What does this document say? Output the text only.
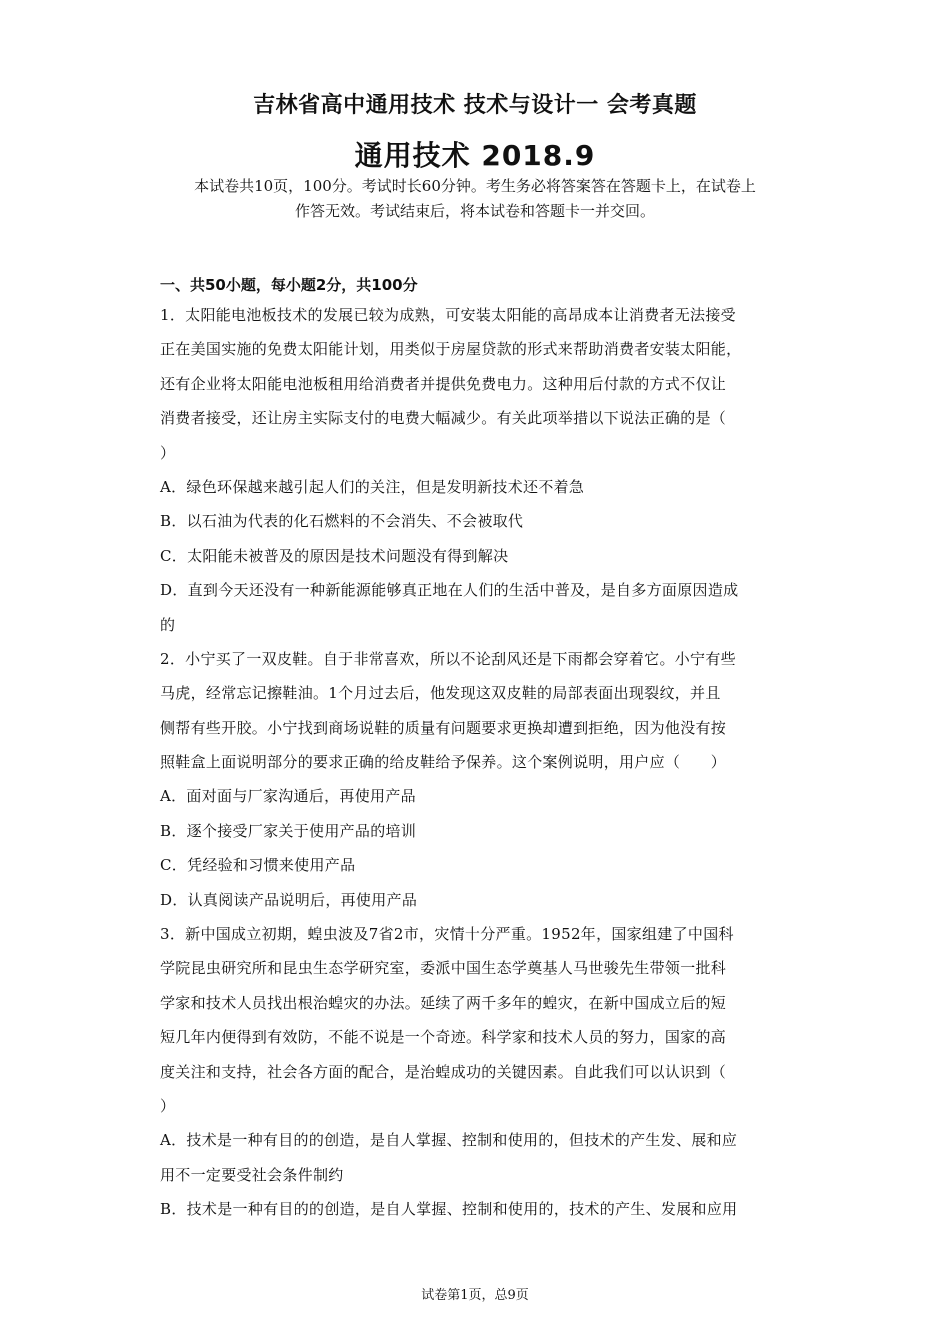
吉林省高中通用技术 技术与设计一 会考真题
通用技术 2018.9
本试卷共10页，100分。考试时长60分钟。考生务必将答案答在答题卡上，在试卷上
作答无效。考试结束后，将本试卷和答题卡一并交回。

一、共50小题，每小题2分，共100分

1．太阳能电池板技术的发展已较为成熟，可安装太阳能的高昂成本让消费者无法接受

正在美国实施的免费太阳能计划，用类似于房屋贷款的形式来帮助消费者安装太阳能，

还有企业将太阳能电池板租用给消费者并提供免费电力。这种用后付款的方式不仅让

消费者接受，还让房主实际支付的电费大幅减少。有关此项举措以下说法正确的是（

）

A．绿色环保越来越引起人们的关注，但是发明新技术还不着急

B．以石油为代表的化石燃料的不会消失、不会被取代

C．太阳能未被普及的原因是技术问题没有得到解决

D．直到今天还没有一种新能源能够真正地在人们的生活中普及，是自多方面原因造成

的

2．小宁买了一双皮鞋。自于非常喜欢，所以不论刮风还是下雨都会穿着它。小宁有些

马虎，经常忘记擦鞋油。1个月过去后，他发现这双皮鞋的局部表面出现裂纹，并且

侧帮有些开胶。小宁找到商场说鞋的质量有问题要求更换却遭到拒绝，因为他没有按

照鞋盒上面说明部分的要求正确的给皮鞋给予保养。这个案例说明，用户应（　　）

A．面对面与厂家沟通后，再使用产品

B．逐个接受厂家关于使用产品的培训

C．凭经验和习惯来使用产品

D．认真阅读产品说明后，再使用产品

3．新中国成立初期，蝗虫波及7省2市，灾情十分严重。1952年，国家组建了中国科

学院昆虫研究所和昆虫生态学研究室，委派中国生态学奠基人马世骏先生带领一批科

学家和技术人员找出根治蝗灾的办法。延续了两千多年的蝗灾，在新中国成立后的短

短几年内便得到有效防，不能不说是一个奇迹。科学家和技术人员的努力，国家的高

度关注和支持，社会各方面的配合，是治蝗成功的关键因素。自此我们可以认识到（

）

A．技术是一种有目的的创造，是自人掌握、控制和使用的，但技术的产生发、展和应

用不一定要受社会条件制约

B．技术是一种有目的的创造，是自人掌握、控制和使用的，技术的产生、发展和应用

试卷第1页，总9页
